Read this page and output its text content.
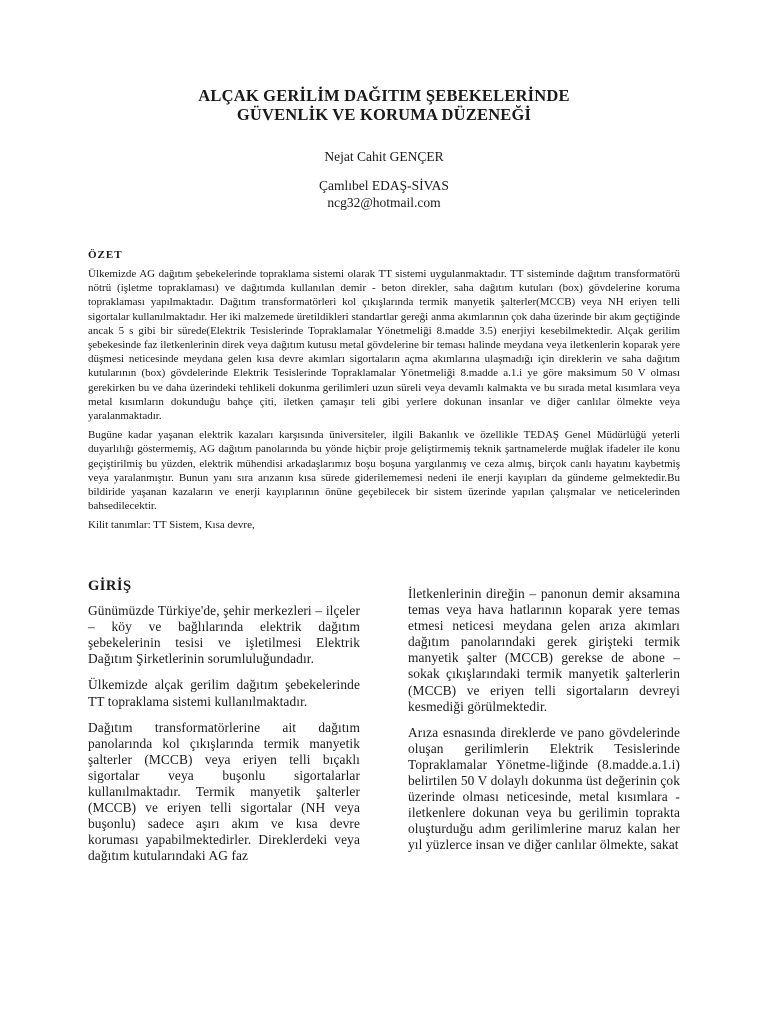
ALÇAK GERİLİM DAĞITIM ŞEBEKELERİNDE
GÜVENLİK VE KORUMA DÜZENEĞİ
Nejat Cahit GENÇER
Çamlıbel EDAŞ-SİVAS
ncg32@hotmail.com
ÖZET

Ülkemizde AG dağıtım şebekelerinde topraklama sistemi olarak TT sistemi uygulanmaktadır. TT sisteminde dağıtım transformatörü nötrü (işletme topraklaması) ve dağıtımda kullanılan demir - beton direkler, saha dağıtım kutuları (box) gövdelerine koruma topraklaması yapılmaktadır. Dağıtım transformatörleri kol çıkışlarında termik manyetik şalterler(MCCB) veya NH eriyen telli sigortalar kullanılmaktadır. Her iki malzemede üretildikleri standartlar gereği anma akımlarının çok daha üzerinde bir akım geçtiğinde ancak 5 s gibi bir sürede(Elektrik Tesislerinde Topraklamalar Yönetmeliği 8.madde 3.5) enerjiyi kesebilmektedir. Alçak gerilim şebekesinde faz iletkenlerinin direk veya dağıtım kutusu metal gövdelerine bir teması halinde meydana veya iletkenlerin koparak yere düşmesi neticesinde meydana gelen kısa devre akımları sigortaların açma akımlarına ulaşmadığı için direklerin ve saha dağıtım kutularının (box) gövdelerinde Elektrik Tesislerinde Topraklamalar Yönetmeliği 8.madde a.1.i ye göre maksimum 50 V olması gerekirken bu ve daha üzerindeki tehlikeli dokunma gerilimleri uzun süreli veya devamlı kalmakta ve bu sırada metal kısımlara veya metal kısımların dokunduğu bahçe çiti, iletken çamaşır teli gibi yerlere dokunan insanlar ve diğer canlılar ölmekte veya yaralanmaktadır.

Bugüne kadar yaşanan elektrik kazaları karşısında üniversiteler, ilgili Bakanlık ve özellikle TEDAŞ Genel Müdürlüğü yeterli duyarlılığı göstermemiş, AG dağıtım panolarında bu yönde hiçbir proje geliştirmemiş teknik şartnamelerde muğlak ifadeler ile konu geçiştirilmiş bu yüzden, elektrik mühendisi arkadaşlarımız boşu boşuna yargılanmış ve ceza almış, birçok canlı hayatını kaybetmiş veya yaralanmıştır. Bunun yanı sıra arızanın kısa sürede giderilememesi nedeni ile enerji kayıpları da gündeme gelmektedir.Bu bildiride yaşanan kazaların ve enerji kayıplarının önüne geçebilecek bir sistem üzerinde yapılan çalışmalar ve neticelerinden bahsedilecektir.

Kilit tanımlar: TT Sistem, Kısa devre,
GİRİŞ

Günümüzde Türkiye'de, şehir merkezleri – ilçeler – köy ve bağlılarında elektrik dağıtım şebekelerinin tesisi ve işletilmesi Elektrik Dağıtım Şirketlerinin sorumluluğundadır.

Ülkemizde alçak gerilim dağıtım şebekelerinde TT topraklama sistemi kullanılmaktadır.

Dağıtım transformatörlerine ait dağıtım panolarında kol çıkışlarında termik manyetik şalterler (MCCB) veya eriyen telli bıçaklı sigortalar veya buşonlu sigortalarlar kullanılmaktadır. Termik manyetik şalterler (MCCB) ve eriyen telli sigortalar (NH veya buşonlu) sadece aşırı akım ve kısa devre koruması yapabilmektedirler. Direklerdeki veya dağıtım kutularındaki AG faz

İletkenlerinin direğin – panonun demir aksamına temas veya hava hatlarının koparak yere temas etmesi neticesi meydana gelen arıza akımları dağıtım panolarındaki gerek girişteki termik manyetik şalter (MCCB) gerekse de abone – sokak çıkışlarındaki termik manyetik şalterlerin (MCCB) ve eriyen telli sigortaların devreyi kesmediği görülmektedir.

Arıza esnasında direklerde ve pano gövdelerinde oluşan gerilimlerin Elektrik Tesislerinde Topraklamalar Yönetme-liğinde (8.madde.a.1.i) belirtilen 50 V dolaylı dokunma üst değerinin çok üzerinde olması neticesinde, metal kısımlara - iletkenlere dokunan veya bu gerilimin toprakta oluşturduğu adım gerilimlerine maruz kalan her yıl yüzlerce insan ve diğer canlılar ölmekte, sakat
